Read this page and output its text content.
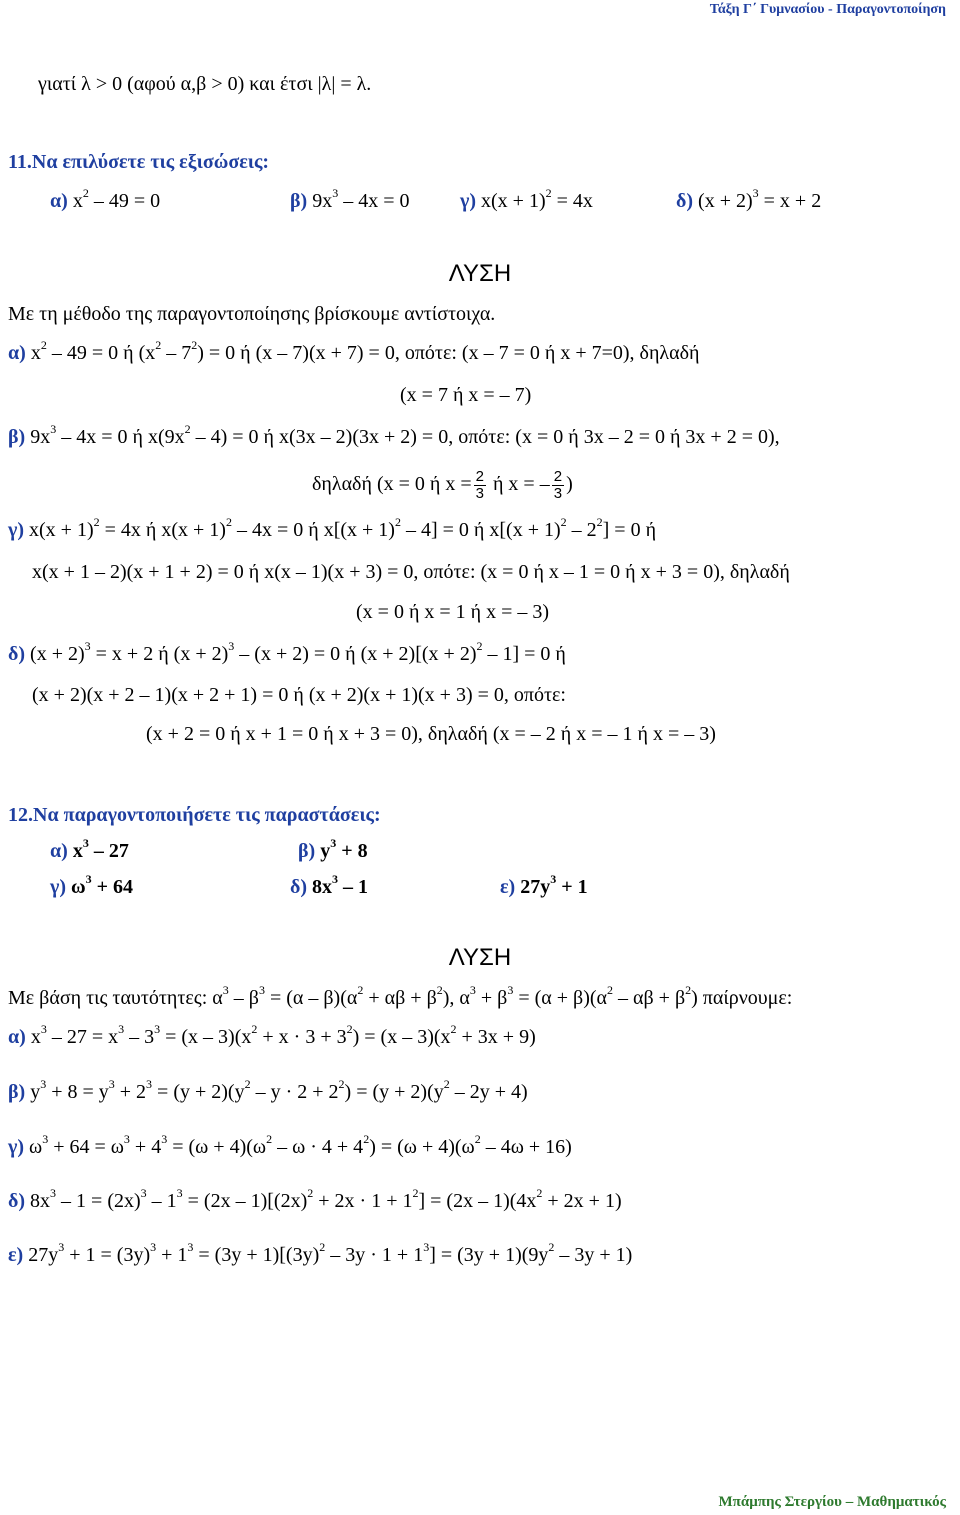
Τάξη Γ΄ Γυμνασίου - Παραγοντοποίηση
γιατί λ > 0 (αφού α,β > 0) και έτσι |λ| = λ.
11.Να επιλύσετε τις εξισώσεις:
α) $x^2 - 49 = 0$	β) $9x^3 - 4x = 0$	γ) $x(x + 1)^2 = 4x$	δ) $(x + 2)^3 = x + 2$
ΛΥΣΗ
Με τη μέθοδο της παραγοντοποίησης βρίσκουμε αντίστοιχα.
α) $x^2 - 49 = 0$ ή $(x^2 - 7^2) = 0$ ή (x – 7)(x + 7) = 0, οπότε: (x – 7 = 0 ή x + 7=0), δηλαδή
(x = 7 ή x = – 7)
β) $9x^3 - 4x = 0$ ή $x(9x^2 - 4) = 0$ ή x(3x – 2)(3x + 2) = 0, οπότε: (x = 0 ή 3x – 2 = 0 ή 3x + 2 = 0),
δηλαδή (x = 0 ή $x = \frac{2}{3}$ ή x = – $\frac{2}{3}$ )
γ) $x(x + 1)^2 = 4x$ ή $x(x + 1)^2 - 4x = 0$ ή $x[(x + 1)^2 - 4] = 0$ ή $x[(x + 1)^2 - 2^2] = 0$ ή
x(x + 1 – 2)(x + 1 + 2) = 0 ή x(x – 1)(x + 3) = 0, οπότε: (x = 0 ή x – 1 = 0 ή x + 3 = 0), δηλαδή
(x = 0 ή x = 1 ή x = – 3)
δ) $(x + 2)^3 = x + 2$ ή $(x + 2)^3 - (x + 2) = 0$ ή $(x + 2)[(x + 2)^2 - 1] = 0$ ή
(x + 2)(x + 2 – 1)(x + 2 + 1) = 0 ή (x + 2)(x + 1)(x + 3) = 0, οπότε:
(x + 2 = 0 ή x + 1 = 0 ή x + 3 = 0), δηλαδή (x = – 2 ή x = – 1 ή x = – 3)
12.Να παραγοντοποιήσετε τις παραστάσεις:
α) $x^3 - 27$	β) $y^3 + 8$
γ) $\omega^3 + 64$	δ) $8x^3 - 1$	ε) $27y^3 + 1$
ΛΥΣΗ
Με βάση τις ταυτότητες: $\alpha^3 - \beta^3 = (\alpha - \beta)(\alpha^2 + \alpha\beta + \beta^2)$, $\alpha^3 + \beta^3 = (\alpha + \beta)(\alpha^2 - \alpha\beta + \beta^2)$ παίρνουμε:
α) $x^3 - 27 = x^3 - 3^3 = (x - 3)(x^2 + x \cdot 3 + 3^2) = (x - 3)(x^2 + 3x + 9)$
β) $y^3 + 8 = y^3 + 2^3 = (y + 2)(y^2 - y \cdot 2 + 2^2) = (y + 2)(y^2 - 2y + 4)$
γ) $\omega^3 + 64 = \omega^3 + 4^3 = (\omega + 4)(\omega^2 - \omega \cdot 4 + 4^2) = (\omega + 4)(\omega^2 - 4\omega + 16)$
δ) $8x^3 - 1 = (2x)^3 - 1^3 = (2x - 1)[(2x)^2 + 2x \cdot 1 + 1^2] = (2x - 1)(4x^2 + 2x + 1)$
ε) $27y^3 + 1 = (3y)^3 + 1^3 = (3y + 1)[(3y)^2 - 3y \cdot 1 + 1^3] = (3y + 1)(9y^2 - 3y + 1)$
Μπάμπης Στεργίου – Μαθηματικός
